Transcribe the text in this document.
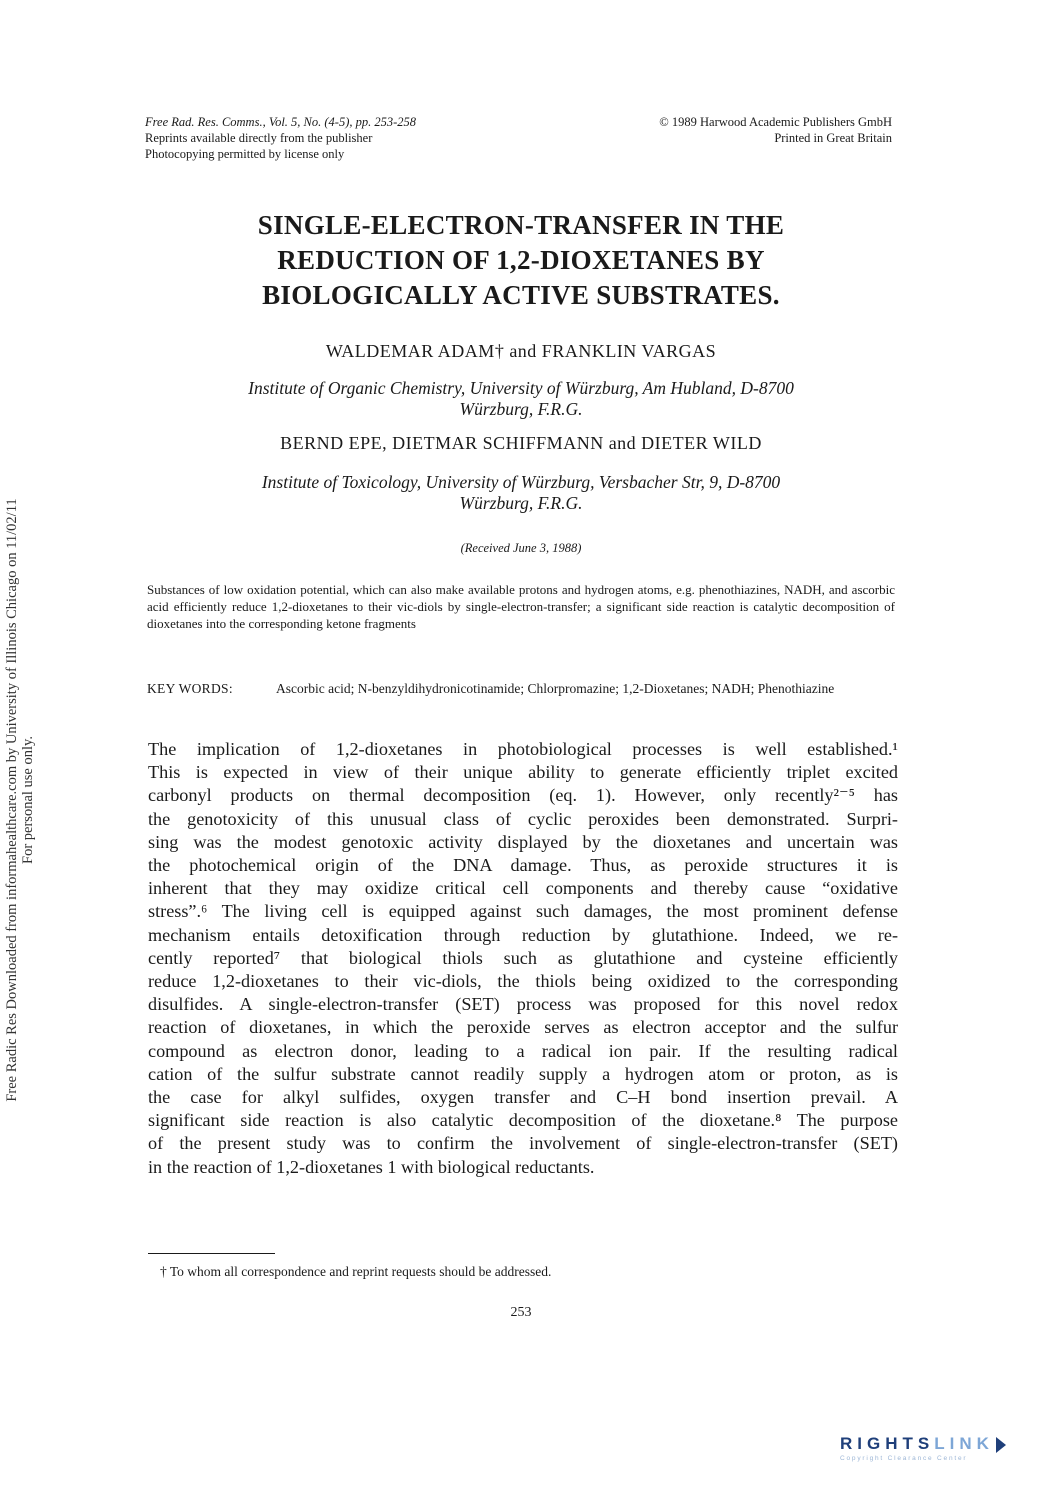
Free Rad. Res. Comms., Vol. 5, No. (4-5), pp. 253-258
Reprints available directly from the publisher
Photocopying permitted by license only
© 1989 Harwood Academic Publishers GmbH
Printed in Great Britain
SINGLE-ELECTRON-TRANSFER IN THE
REDUCTION OF 1,2-DIOXETANES BY
BIOLOGICALLY ACTIVE SUBSTRATES.
WALDEMAR ADAM† and FRANKLIN VARGAS
Institute of Organic Chemistry, University of Würzburg, Am Hubland, D-8700
Würzburg, F.R.G.
BERND EPE, DIETMAR SCHIFFMANN and DIETER WILD
Institute of Toxicology, University of Würzburg, Versbacher Str, 9, D-8700
Würzburg, F.R.G.
(Received June 3, 1988)
Substances of low oxidation potential, which can also make available protons and hydrogen atoms, e.g. phenothiazines, NADH, and ascorbic acid efficiently reduce 1,2-dioxetanes to their vic-diols by single-electron-transfer; a significant side reaction is catalytic decomposition of dioxetanes into the corresponding ketone fragments
KEY WORDS:	Ascorbic acid; N-benzyldihydronicotinamide; Chlorpromazine; 1,2-Dioxetanes; NADH; Phenothiazine
The implication of 1,2-dioxetanes in photobiological processes is well established.¹
This is expected in view of their unique ability to generate efficiently triplet excited
carbonyl products on thermal decomposition (eq. 1). However, only recently²⁻⁵ has
the genotoxicity of this unusual class of cyclic peroxides been demonstrated. Surpri-
sing was the modest genotoxic activity displayed by the dioxetanes and uncertain was
the photochemical origin of the DNA damage. Thus, as peroxide structures it is
inherent that they may oxidize critical cell components and thereby cause “oxidative
stress”.⁶ The living cell is equipped against such damages, the most prominent defense
mechanism entails detoxification through reduction by glutathione. Indeed, we re-
cently reported⁷ that biological thiols such as glutathione and cysteine efficiently
reduce 1,2-dioxetanes to their vic-diols, the thiols being oxidized to the corresponding
disulfides. A single-electron-transfer (SET) process was proposed for this novel redox
reaction of dioxetanes, in which the peroxide serves as electron acceptor and the sulfur
compound as electron donor, leading to a radical ion pair. If the resulting radical
cation of the sulfur substrate cannot readily supply a hydrogen atom or proton, as is
the case for alkyl sulfides, oxygen transfer and C–H bond insertion prevail. A
significant side reaction is also catalytic decomposition of the dioxetane.⁸ The purpose
of the present study was to confirm the involvement of single-electron-transfer (SET)
in the reaction of 1,2-dioxetanes 1 with biological reductants.
† To whom all correspondence and reprint requests should be addressed.
253
Free Radic Res Downloaded from informahealthcare.com by University of Illinois Chicago on 11/02/11 For personal use only.
RIGHTSLINK
Copyright Clearance Center
